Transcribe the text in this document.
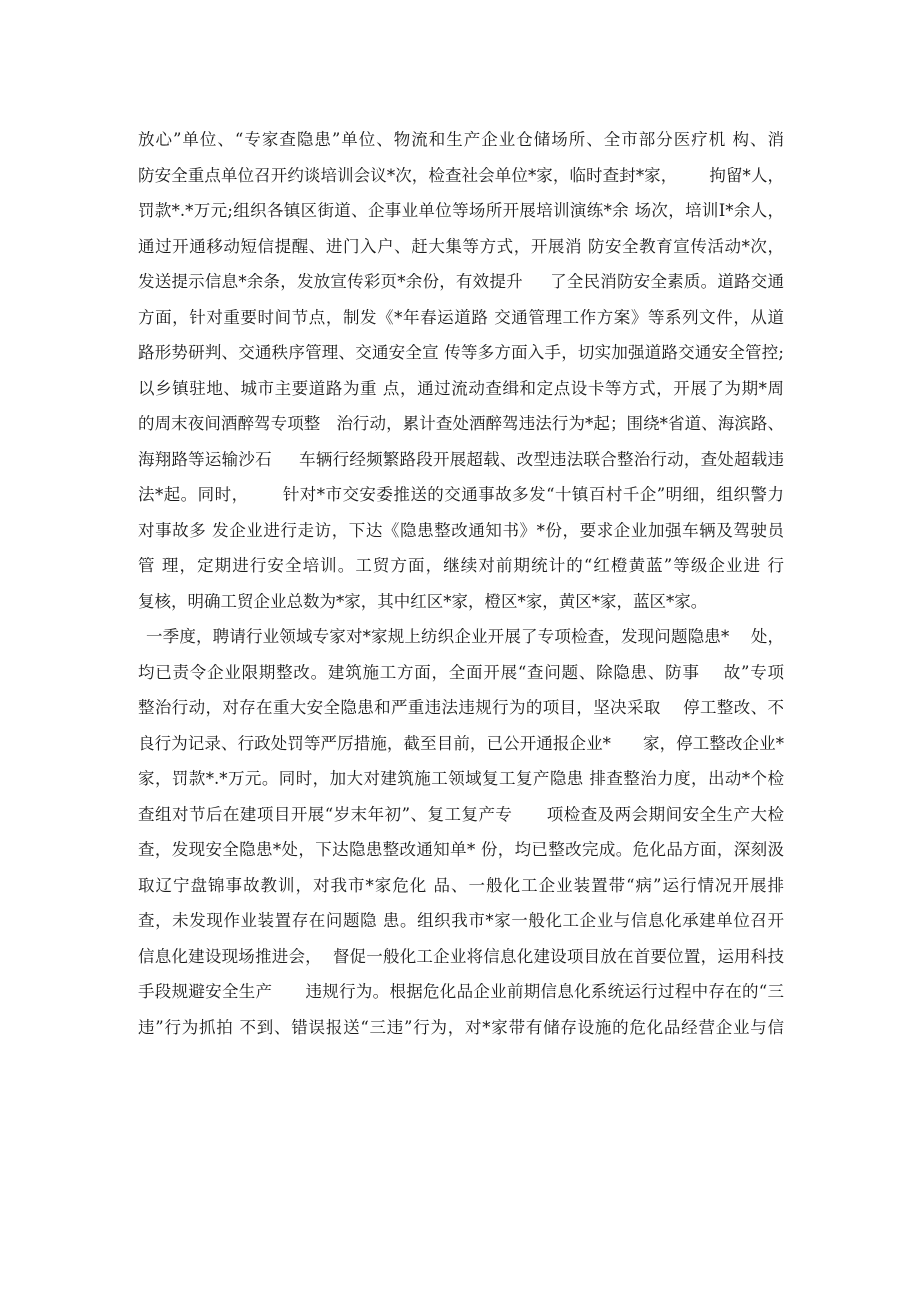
放心”单位、“专家查隐患”单位、物流和生产企业仓储场所、全市部分医疗机 构、消
防安全重点单位召开约谈培训会议*次，检查社会单位*家，临时查封*家，      拘留*人，
罚款*.*万元;组织各镇区街道、企事业单位等场所开展培训演练*余 场次，培训I*余人，
通过开通移动短信提醒、进门入户、赶大集等方式，开展消 防安全教育宣传活动*次，
发送提示信息*余条，发放宣传彩页*余份，有效提升     了全民消防安全素质。道路交通
方面，针对重要时间节点，制发《*年春运道路 交通管理工作方案》等系列文件，从道
路形势研判、交通秩序管理、交通安全宣 传等多方面入手，切实加强道路交通安全管控;
以乡镇驻地、城市主要道路为重 点，通过流动查缉和定点设卡等方式，开展了为期*周
的周末夜间酒醉驾专项整   治行动，累计查处酒醉驾违法行为*起；围绕*省道、海滨路、
海翔路等运输沙石     车辆行经频繁路段开展超载、改型违法联合整治行动，查处超载违
法*起。同时，      针对*市交安委推送的交通事故多发“十镇百村千企”明细，组织警力
对事故多 发企业进行走访，下达《隐患整改通知书》*份，要求企业加强车辆及驾驶员
管 理，定期进行安全培训。工贸方面，继续对前期统计的“红橙黄蓝”等级企业进 行
复核，明确工贸企业总数为*家，其中红区*家，橙区*家，黄区*家，蓝区*家。
一季度，聘请行业领域专家对*家规上纺织企业开展了专项检查，发现问题隐患*    处，
均已责令企业限期整改。建筑施工方面，全面开展“查问题、除隐患、防事    故”专项
整治行动，对存在重大安全隐患和严重违法违规行为的项目，坚决采取    停工整改、不
良行为记录、行政处罚等严厉措施，截至目前，已公开通报企业*      家，停工整改企业*
家，罚款*.*万元。同时，加大对建筑施工领域复工复产隐患 排查整治力度，出动*个检
查组对节后在建项目开展“岁末年初”、复工复产专      项检查及两会期间安全生产大检
查，发现安全隐患*处，下达隐患整改通知单* 份，均已整改完成。危化品方面，深刻汲
取辽宁盘锦事故教训，对我市*家危化 品、一般化工企业装置带“病”运行情况开展排
查，未发现作业装置存在问题隐 患。组织我市*家一般化工企业与信息化承建单位召开
信息化建设现场推进会，  督促一般化工企业将信息化建设项目放在首要位置，运用科技
手段规避安全生产      违规行为。根据危化品企业前期信息化系统运行过程中存在的“三
违”行为抓拍 不到、错误报送“三违”行为，对*家带有储存设施的危化品经营企业与信
